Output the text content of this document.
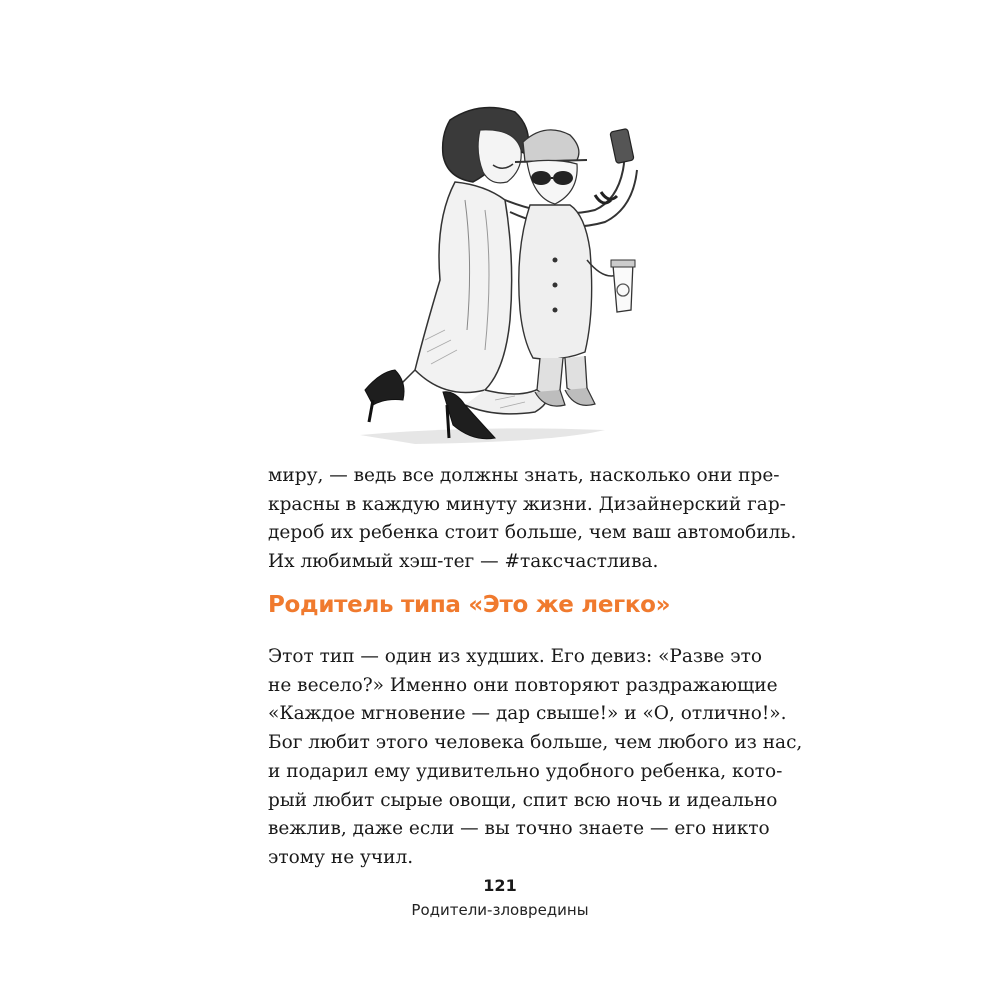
миру, — ведь все должны знать, насколько они пре-
красны в каждую минуту жизни. Дизайнерский гар-
дероб их ребенка стоит больше, чем ваш автомобиль.
Их любимый хэш-тег — #таксчастлива.

Родитель типа «Это же легко»

Этот тип — один из худших. Его девиз: «Разве это
не весело?» Именно они повторяют раздражающие
«Каждое мгновение — дар свыше!» и «О, отлично!».
Бог любит этого человека больше, чем любого из нас,
и подарил ему удивительно удобного ребенка, кото-
рый любит сырые овощи, спит всю ночь и идеально
вежлив, даже если — вы точно знаете — его никто
этому не учил.

121
Родители-зловредины
